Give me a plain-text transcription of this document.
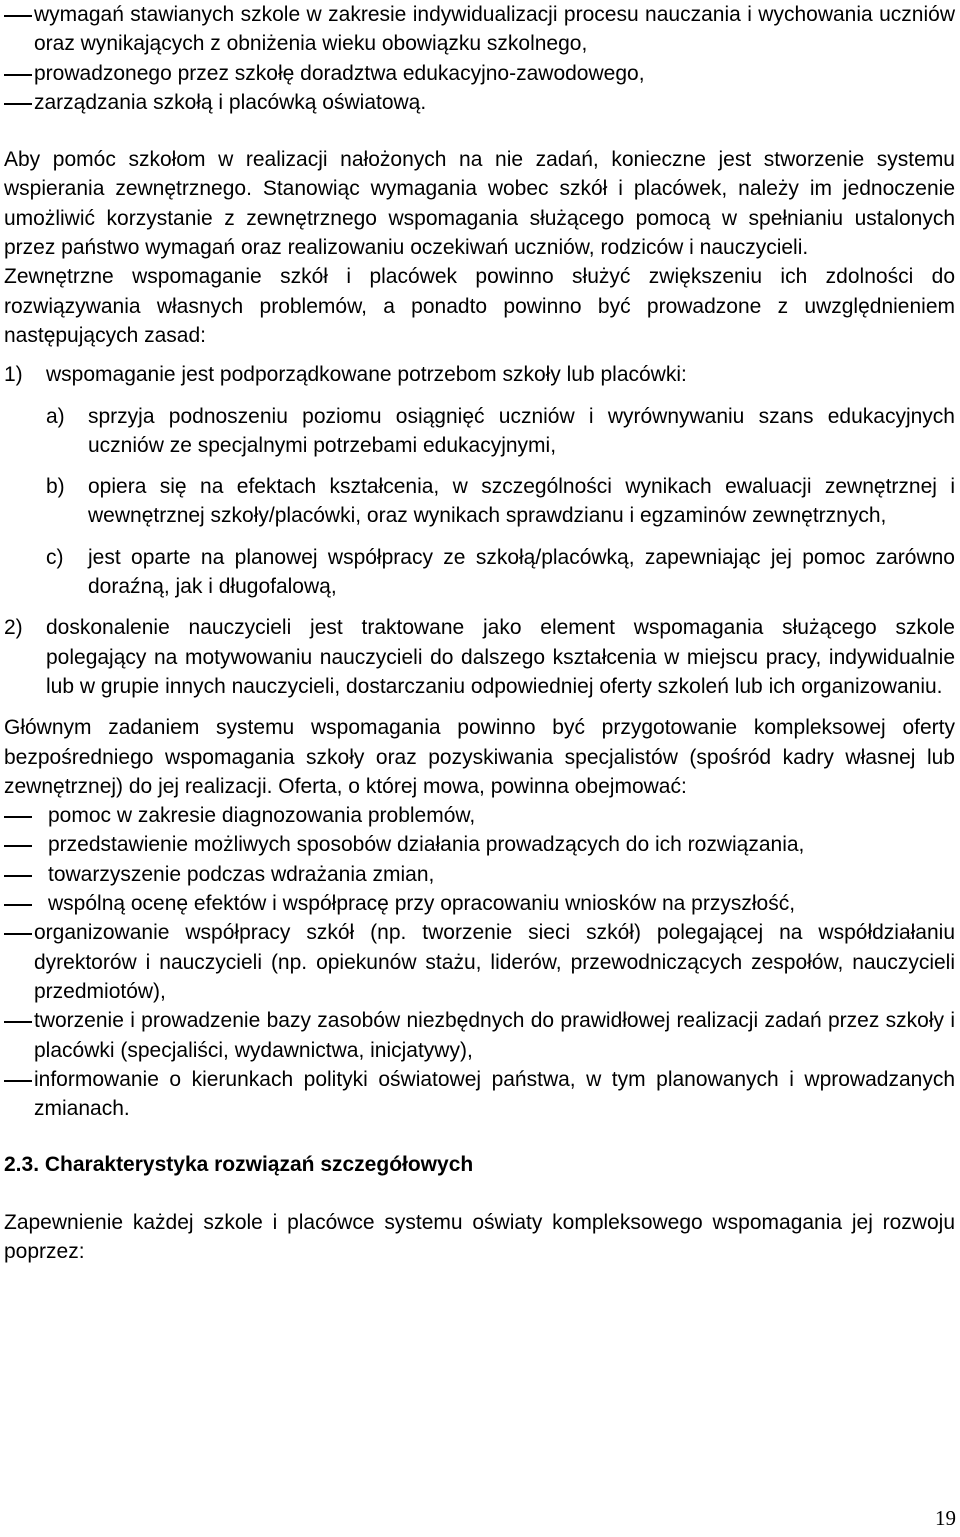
wymagań stawianych szkole w zakresie indywidualizacji procesu nauczania i wychowania uczniów oraz wynikających z obniżenia wieku obowiązku szkolnego,
prowadzonego przez szkołę doradztwa edukacyjno-zawodowego,
zarządzania szkołą i placówką oświatową.

Aby pomóc szkołom w realizacji nałożonych na nie zadań, konieczne jest stworzenie systemu wspierania zewnętrznego. Stanowiąc wymagania wobec szkół i placówek, należy im jednoczenie umożliwić korzystanie z zewnętrznego wspomagania służącego pomocą w spełnianiu ustalonych przez państwo wymagań oraz realizowaniu oczekiwań uczniów, rodziców i nauczycieli.

Zewnętrzne wspomaganie szkół i placówek powinno służyć zwiększeniu ich zdolności do rozwiązywania własnych problemów, a ponadto powinno być prowadzone z uwzględnieniem następujących zasad:

1) wspomaganie jest podporządkowane potrzebom szkoły lub placówki:
a) sprzyja podnoszeniu poziomu osiągnięć uczniów i wyrównywaniu szans edukacyjnych uczniów ze specjalnymi potrzebami edukacyjnymi,
b) opiera się na efektach kształcenia, w szczególności wynikach ewaluacji zewnętrznej i wewnętrznej szkoły/placówki, oraz wynikach sprawdzianu i egzaminów zewnętrznych,
c) jest oparte na planowej współpracy ze szkołą/placówką, zapewniając jej pomoc zarówno doraźną, jak i długofalową,
2) doskonalenie nauczycieli jest traktowane jako element wspomagania służącego szkole polegający na motywowaniu nauczycieli do dalszego kształcenia w miejscu pracy, indywidualnie lub w grupie innych nauczycieli, dostarczaniu odpowiedniej oferty szkoleń lub ich organizowaniu.

Głównym zadaniem systemu wspomagania powinno być przygotowanie kompleksowej oferty bezpośredniego wspomagania szkoły oraz pozyskiwania specjalistów (spośród kadry własnej lub zewnętrznej) do jej realizacji. Oferta, o której mowa, powinna obejmować:

pomoc w zakresie diagnozowania problemów,
przedstawienie możliwych sposobów działania prowadzących do ich rozwiązania,
towarzyszenie podczas wdrażania zmian,
wspólną ocenę efektów i współpracę przy opracowaniu wniosków na przyszłość,
organizowanie współpracy szkół (np. tworzenie sieci szkół) polegającej na współdziałaniu dyrektorów i nauczycieli (np. opiekunów stażu, liderów, przewodniczących zespołów, nauczycieli przedmiotów),
tworzenie i prowadzenie bazy zasobów niezbędnych do prawidłowej realizacji zadań przez szkoły i placówki (specjaliści, wydawnictwa, inicjatywy),
informowanie o kierunkach polityki oświatowej państwa, w tym planowanych i wprowadzanych zmianach.

2.3. Charakterystyka rozwiązań szczegółowych

Zapewnienie każdej szkole i placówce systemu oświaty kompleksowego wspomagania jej rozwoju poprzez:

19
